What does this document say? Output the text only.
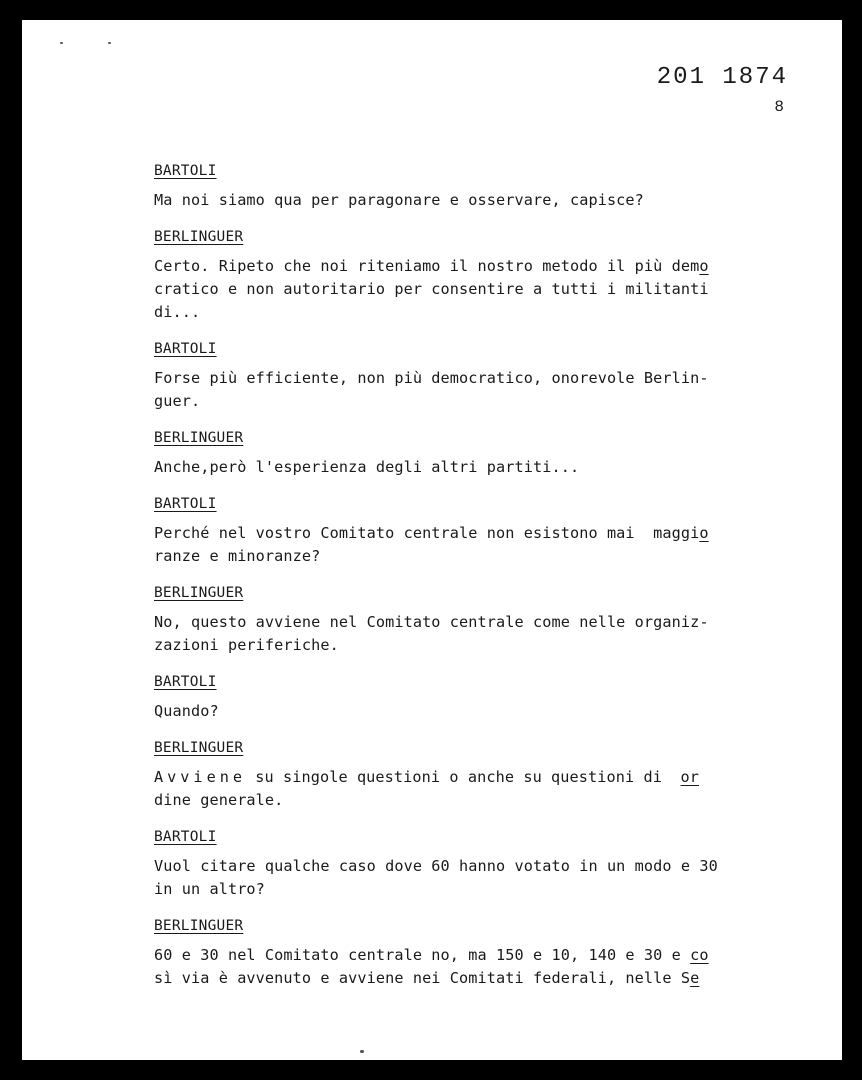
201 1874
8
BARTOLI
Ma noi siamo qua per paragonare e osservare, capisce?
BERLINGUER
Certo. Ripeto che noi riteniamo il nostro metodo il più demo
cratico e non autoritario per consentire a tutti i militanti
di...
BARTOLI
Forse più efficiente, non più democratico, onorevole Berlin-
guer.
BERLINGUER
Anche,però l'esperienza degli altri partiti...
BARTOLI
Perché nel vostro Comitato centrale non esistono mai  maggio
ranze e minoranze?
BERLINGUER
No, questo avviene nel Comitato centrale come nelle organiz-
zazioni periferiche.
BARTOLI
Quando?
BERLINGUER
Avviene su singole questioni o anche su questioni di  or
dine generale.
BARTOLI
Vuol citare qualche caso dove 60 hanno votato in un modo e 30
in un altro?
BERLINGUER
60 e 30 nel Comitato centrale no, ma 150 e 10, 140 e 30 e co
sì via è avvenuto e avviene nei Comitati federali, nelle Se
